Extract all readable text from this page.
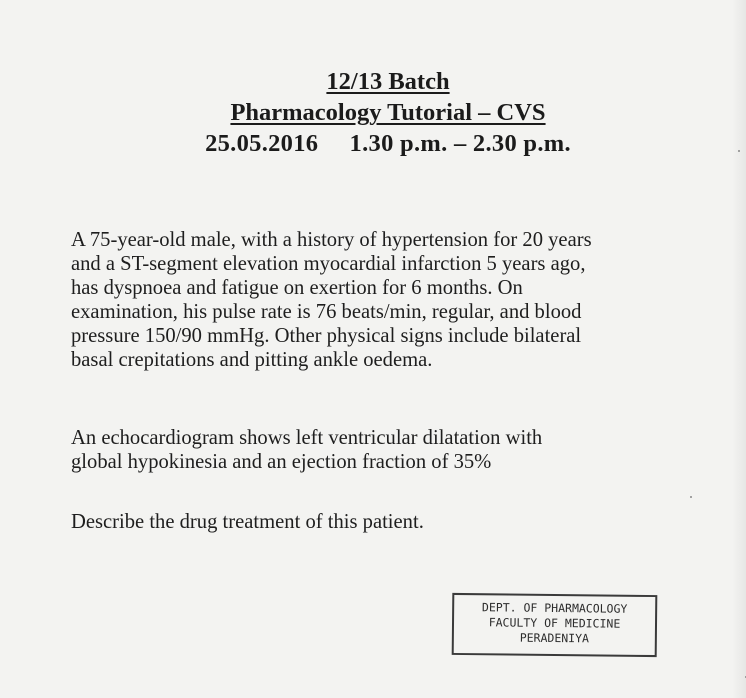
12/13 Batch
Pharmacology Tutorial – CVS
25.05.2016  1.30 p.m. – 2.30 p.m.

A 75-year-old male, with a history of hypertension for 20 years
and a ST-segment elevation myocardial infarction 5 years ago,
has dyspnoea and fatigue on exertion for 6 months. On
examination, his pulse rate is 76 beats/min, regular, and blood
pressure 150/90 mmHg. Other physical signs include bilateral
basal crepitations and pitting ankle oedema.

An echocardiogram shows left ventricular dilatation with
global hypokinesia and an ejection fraction of 35%

Describe the drug treatment of this patient.

DEPT. OF PHARMACOLOGY
FACULTY OF MEDICINE
PERADENIYA
